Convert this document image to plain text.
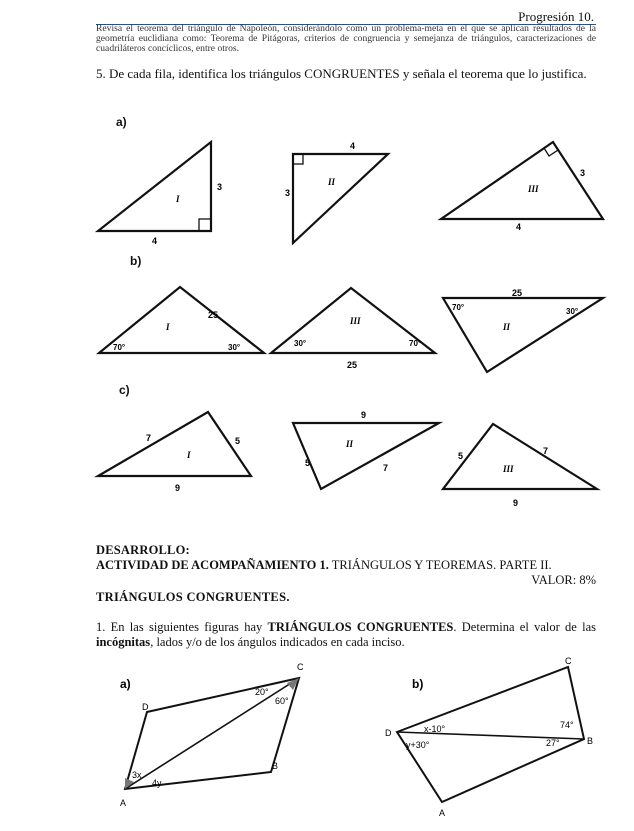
Progresión 10.
Revisa el teorema del triángulo de Napoleón, considerándolo como un problema-meta en el que se aplican resultados de la geometría euclidiana como: Teorema de Pitágoras, criterios de congruencia y semejanza de triángulos, caracterizaciones de cuadriláteros concíclicos, entre otros.
5. De cada fila, identifica los triángulos CONGRUENTES y señala el teorema que lo justifica.
a)
3
4
I
4
3
II
3
4
III
25
70°	30°
I
25
30°	70°
III
25
70°	30°
II
7	5
9
I
9
5	7
II
5	7
9
III
b)
c)
DESARROLLO:
ACTIVIDAD DE ACOMPAÑAMIENTO 1. TRIÁNGULOS Y TEOREMAS. PARTE II.
VALOR: 8%
TRIÁNGULOS CONGRUENTES.
1. En las siguientes figuras hay TRIÁNGULOS CONGRUENTES. Determina el valor de las incógnitas, lados y/o de los ángulos indicados en cada inciso.
a)
C
D
B
A
20°
60°
3x
4y
b)
C
D
B
A
x-10°
y+30°
74°
27°
